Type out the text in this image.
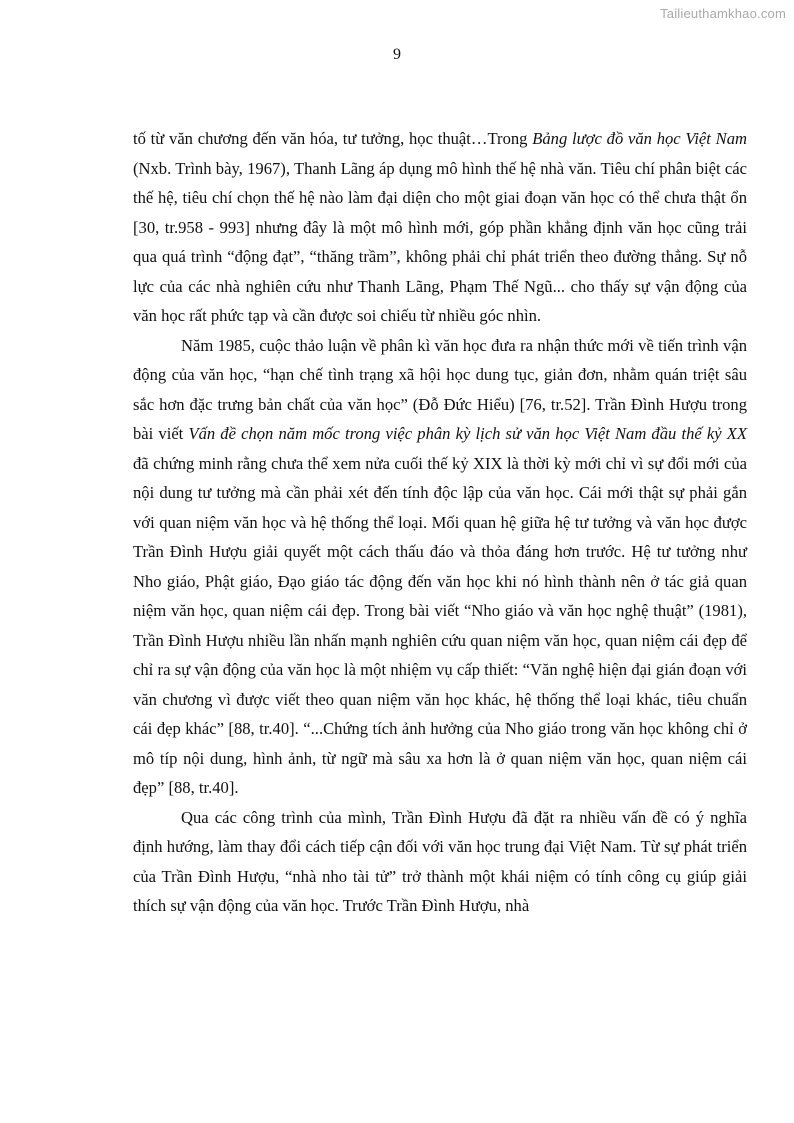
Tailieuthamkhao.com
9

tố từ văn chương đến văn hóa, tư tưởng, học thuật…Trong Bảng lược đồ văn học Việt Nam (Nxb. Trình bày, 1967), Thanh Lãng áp dụng mô hình thế hệ nhà văn. Tiêu chí phân biệt các thế hệ, tiêu chí chọn thế hệ nào làm đại diện cho một giai đoạn văn học có thể chưa thật ổn [30, tr.958 - 993] nhưng đây là một mô hình mới, góp phần khẳng định văn học cũng trải qua quá trình “động đạt”, “thăng trầm”, không phải chỉ phát triển theo đường thẳng. Sự nỗ lực của các nhà nghiên cứu như Thanh Lãng, Phạm Thế Ngũ... cho thấy sự vận động của văn học rất phức tạp và cần được soi chiếu từ nhiều góc nhìn.

Năm 1985, cuộc thảo luận về phân kì văn học đưa ra nhận thức mới về tiến trình vận động của văn học, “hạn chế tình trạng xã hội học dung tục, giản đơn, nhằm quán triệt sâu sắc hơn đặc trưng bản chất của văn học” (Đỗ Đức Hiểu) [76, tr.52]. Trần Đình Hượu trong bài viết Vấn đề chọn năm mốc trong việc phân kỳ lịch sử văn học Việt Nam đầu thế kỷ XX đã chứng minh rằng chưa thể xem nửa cuối thế kỷ XIX là thời kỳ mới chỉ vì sự đổi mới của nội dung tư tưởng mà cần phải xét đến tính độc lập của văn học. Cái mới thật sự phải gắn với quan niệm văn học và hệ thống thể loại. Mối quan hệ giữa hệ tư tưởng và văn học được Trần Đình Hượu giải quyết một cách thấu đáo và thỏa đáng hơn trước. Hệ tư tưởng như Nho giáo, Phật giáo, Đạo giáo tác động đến văn học khi nó hình thành nên ở tác giả quan niệm văn học, quan niệm cái đẹp. Trong bài viết “Nho giáo và văn học nghệ thuật” (1981), Trần Đình Hượu nhiều lần nhấn mạnh nghiên cứu quan niệm văn học, quan niệm cái đẹp để chỉ ra sự vận động của văn học là một nhiệm vụ cấp thiết: “Văn nghệ hiện đại gián đoạn với văn chương vì được viết theo quan niệm văn học khác, hệ thống thể loại khác, tiêu chuẩn cái đẹp khác” [88, tr.40]. “...Chứng tích ảnh hưởng của Nho giáo trong văn học không chỉ ở mô típ nội dung, hình ảnh, từ ngữ mà sâu xa hơn là ở quan niệm văn học, quan niệm cái đẹp” [88, tr.40].

Qua các công trình của mình, Trần Đình Hượu đã đặt ra nhiều vấn đề có ý nghĩa định hướng, làm thay đổi cách tiếp cận đối với văn học trung đại Việt Nam. Từ sự phát triển của Trần Đình Hượu, “nhà nho tài tử” trở thành một khái niệm có tính công cụ giúp giải thích sự vận động của văn học. Trước Trần Đình Hượu, nhà
